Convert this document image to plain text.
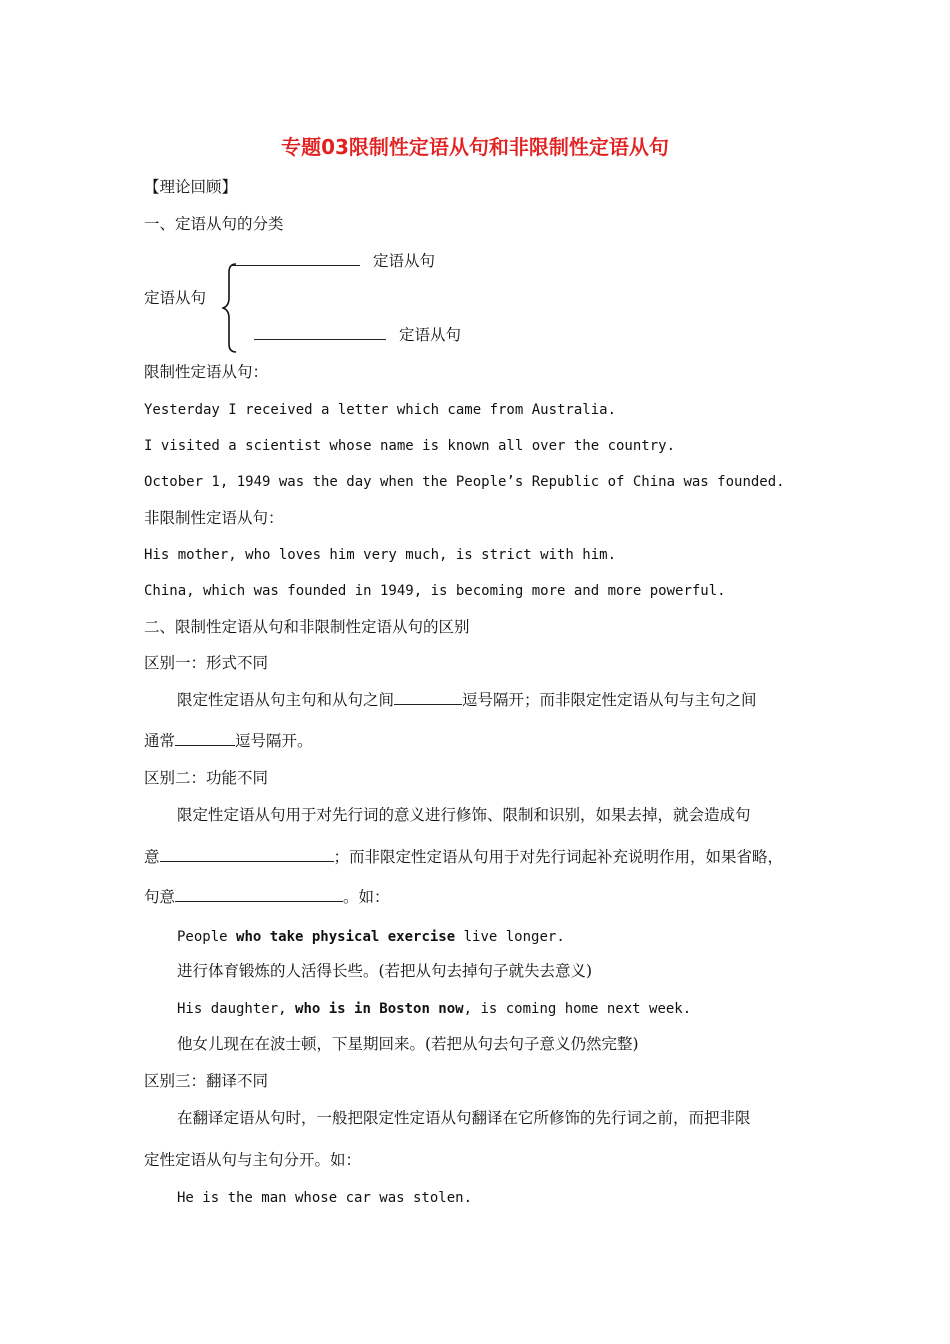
专题03限制性定语从句和非限制性定语从句
【理论回顾】
一、定语从句的分类
定语从句
定语从句
定语从句
限制性定语从句：
Yesterday I received a letter which came from Australia.
I visited a scientist whose name is known all over the country.
October 1, 1949 was the day when the People’s Republic of China was founded.
非限制性定语从句：
His mother, who loves him very much, is strict with him.
China, which was founded in 1949, is becoming more and more powerful.
二、限制性定语从句和非限制性定语从句的区别
区别一：形式不同
限定性定语从句主句和从句之间	逗号隔开；而非限定性定语从句与主句之间
通常	逗号隔开。
区别二：功能不同
限定性定语从句用于对先行词的意义进行修饰、限制和识别，如果去掉，就会造成句
意	；而非限定性定语从句用于对先行词起补充说明作用，如果省略，
句意	。如：
People who take physical exercise live longer.
进行体育锻炼的人活得长些。(若把从句去掉句子就失去意义)
His daughter, who is in Boston now, is coming home next week.
他女儿现在在波士顿，下星期回来。(若把从句去句子意义仍然完整)
区别三：翻译不同
在翻译定语从句时，一般把限定性定语从句翻译在它所修饰的先行词之前，而把非限
定性定语从句与主句分开。如：
He is the man whose car was stolen.
